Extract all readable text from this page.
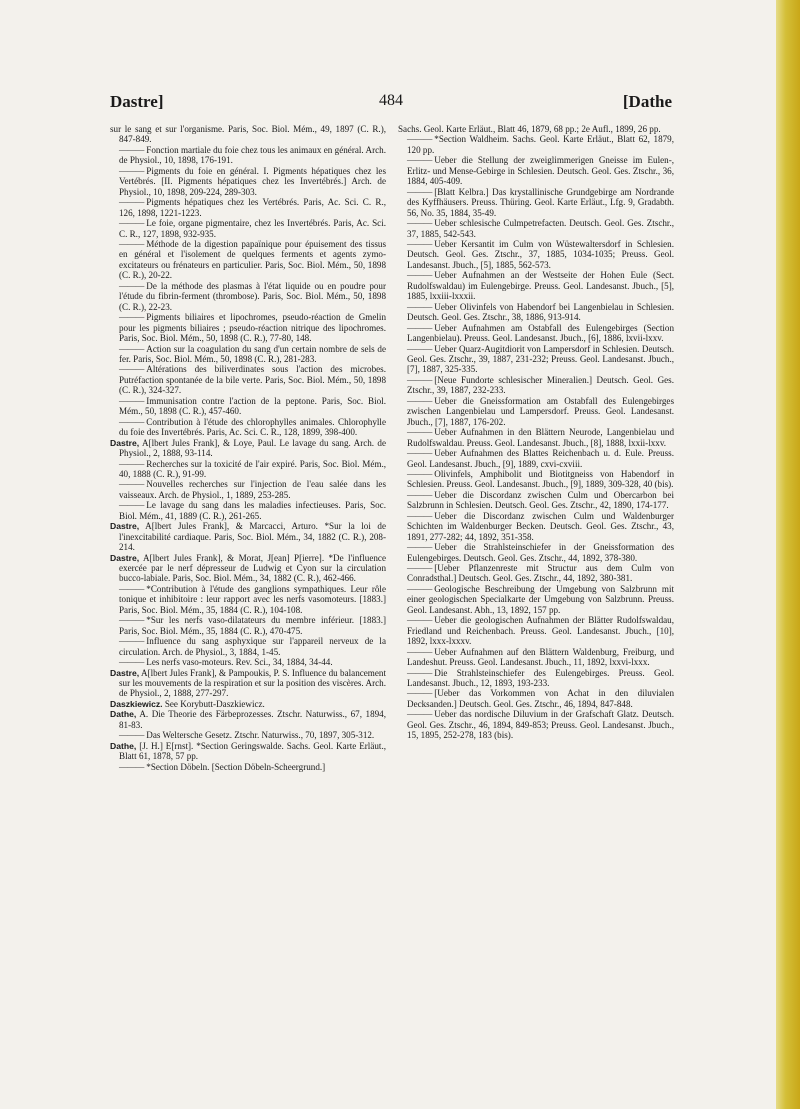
Dastre]	484	[Dathe

sur le sang et sur l'organisme. Paris, Soc. Biol. Mém., 49, 1897 (C. R.), 847-849.

——— Fonction martiale du foie chez tous les animaux en général. Arch. de Physiol., 10, 1898, 176-191.

——— Pigments du foie en général. I. Pigments hépatiques chez les Vertébrés. [II. Pigments hépatiques chez les Invertébrés.] Arch. de Physiol., 10, 1898, 209-224, 289-303.

——— Pigments hépatiques chez les Vertébrés. Paris, Ac. Sci. C. R., 126, 1898, 1221-1223.

——— Le foie, organe pigmentaire, chez les Invertébrés. Paris, Ac. Sci. C. R., 127, 1898, 932-935.

——— Méthode de la digestion papaïnique pour épuisement des tissus en général et l'isolement de quelques ferments et agents zymo-excitateurs ou frénateurs en particulier. Paris, Soc. Biol. Mém., 50, 1898 (C. R.), 20-22.

——— De la méthode des plasmas à l'état liquide ou en poudre pour l'étude du fibrin-ferment (thrombose). Paris, Soc. Biol. Mém., 50, 1898 (C. R.), 22-23.

——— Pigments biliaires et lipochromes, pseudo-réaction de Gmelin pour les pigments biliaires ; pseudo-réaction nitrique des lipochromes. Paris, Soc. Biol. Mém., 50, 1898 (C. R.), 77-80, 148.

——— Action sur la coagulation du sang d'un certain nombre de sels de fer. Paris, Soc. Biol. Mém., 50, 1898 (C. R.), 281-283.

——— Altérations des biliverdinates sous l'action des microbes. Putréfaction spontanée de la bile verte. Paris, Soc. Biol. Mém., 50, 1898 (C. R.), 324-327.

——— Immunisation contre l'action de la peptone. Paris, Soc. Biol. Mém., 50, 1898 (C. R.), 457-460.

——— Contribution à l'étude des chlorophylles animales. Chlorophylle du foie des Invertébrés. Paris, Ac. Sci. C. R., 128, 1899, 398-400.

Dastre, A[lbert Jules Frank], & Loye, Paul. Le lavage du sang. Arch. de Physiol., 2, 1888, 93-114.

——— Recherches sur la toxicité de l'air expiré. Paris, Soc. Biol. Mém., 40, 1888 (C. R.), 91-99.

——— Nouvelles recherches sur l'injection de l'eau salée dans les vaisseaux. Arch. de Physiol., 1, 1889, 253-285.

——— Le lavage du sang dans les maladies infectieuses. Paris, Soc. Biol. Mém., 41, 1889 (C. R.), 261-265.

Dastre, A[lbert Jules Frank], & Marcacci, Arturo. *Sur la loi de l'inexcitabilité cardiaque. Paris, Soc. Biol. Mém., 34, 1882 (C. R.), 208-214.

Dastre, A[lbert Jules Frank], & Morat, J[ean] P[ierre]. *De l'influence exercée par le nerf dépresseur de Ludwig et Cyon sur la circulation bucco-labiale. Paris, Soc. Biol. Mém., 34, 1882 (C. R.), 462-466.

——— *Contribution à l'étude des ganglions sympathiques. Leur rôle tonique et inhibitoire : leur rapport avec les nerfs vasomoteurs. [1883.] Paris, Soc. Biol. Mém., 35, 1884 (C. R.), 104-108.

——— *Sur les nerfs vaso-dilatateurs du membre inférieur. [1883.] Paris, Soc. Biol. Mém., 35, 1884 (C. R.), 470-475.

——— Influence du sang asphyxique sur l'appareil nerveux de la circulation. Arch. de Physiol., 3, 1884, 1-45.

——— Les nerfs vaso-moteurs. Rev. Sci., 34, 1884, 34-44.

Dastre, A[lbert Jules Frank], & Pampoukis, P. S. Influence du balancement sur les mouvements de la respiration et sur la position des viscères. Arch. de Physiol., 2, 1888, 277-297.

Daszkiewicz. See Korybutt-Daszkiewicz.

Dathe, A. Die Theorie des Färbeprozesses. Ztschr. Naturwiss., 67, 1894, 81-83.

——— Das Weltersche Gesetz. Ztschr. Naturwiss., 70, 1897, 305-312.

Dathe, [J. H.] E[rnst]. *Section Geringswalde. Sachs. Geol. Karte Erläut., Blatt 61, 1878, 57 pp.

——— *Section Döbeln. [Section Döbeln-Scheergrund.]

Sachs. Geol. Karte Erläut., Blatt 46, 1879, 68 pp.; 2e Aufl., 1899, 26 pp.

——— *Section Waldheim. Sachs. Geol. Karte Erläut., Blatt 62, 1879, 120 pp.

——— Ueber die Stellung der zweiglimmerigen Gneisse im Eulen-, Erlitz- und Mense-Gebirge in Schlesien. Deutsch. Geol. Ges. Ztschr., 36, 1884, 405-409.

——— [Blatt Kelbra.] Das krystallinische Grundgebirge am Nordrande des Kyffhäusers. Preuss. Thüring. Geol. Karte Erläut., Lfg. 9, Gradabth. 56, No. 35, 1884, 35-49.

——— Ueber schlesische Culmpetrefacten. Deutsch. Geol. Ges. Ztschr., 37, 1885, 542-543.

——— Ueber Kersantit im Culm von Wüstewaltersdorf in Schlesien. Deutsch. Geol. Ges. Ztschr., 37, 1885, 1034-1035; Preuss. Geol. Landesanst. Jbuch., [5], 1885, 562-573.

——— Ueber Aufnahmen an der Westseite der Hohen Eule (Sect. Rudolfswaldau) im Eulengebirge. Preuss. Geol. Landesanst. Jbuch., [5], 1885, lxxiii-lxxxii.

——— Ueber Olivinfels von Habendorf bei Langenbielau in Schlesien. Deutsch. Geol. Ges. Ztschr., 38, 1886, 913-914.

——— Ueber Aufnahmen am Ostabfall des Eulengebirges (Section Langenbielau). Preuss. Geol. Landesanst. Jbuch., [6], 1886, lxvii-lxxv.

——— Ueber Quarz-Augitdiorit von Lampersdorf in Schlesien. Deutsch. Geol. Ges. Ztschr., 39, 1887, 231-232; Preuss. Geol. Landesanst. Jbuch., [7], 1887, 325-335.

——— [Neue Fundorte schlesischer Mineralien.] Deutsch. Geol. Ges. Ztschr., 39, 1887, 232-233.

——— Ueber die Gneissformation am Ostabfall des Eulengebirges zwischen Langenbielau und Lampersdorf. Preuss. Geol. Landesanst. Jbuch., [7], 1887, 176-202.

——— Ueber Aufnahmen in den Blättern Neurode, Langenbielau und Rudolfswaldau. Preuss. Geol. Landesanst. Jbuch., [8], 1888, lxxii-lxxv.

——— Ueber Aufnahmen des Blattes Reichenbach u. d. Eule. Preuss. Geol. Landesanst. Jbuch., [9], 1889, cxvi-cxviii.

——— Olivinfels, Amphibolit und Biotitgneiss von Habendorf in Schlesien. Preuss. Geol. Landesanst. Jbuch., [9], 1889, 309-328, 40 (bis).

——— Ueber die Discordanz zwischen Culm und Obercarbon bei Salzbrunn in Schlesien. Deutsch. Geol. Ges. Ztschr., 42, 1890, 174-177.

——— Ueber die Discordanz zwischen Culm und Waldenburger Schichten im Waldenburger Becken. Deutsch. Geol. Ges. Ztschr., 43, 1891, 277-282; 44, 1892, 351-358.

——— Ueber die Strahlsteinschiefer in der Gneissformation des Eulengebirges. Deutsch. Geol. Ges. Ztschr., 44, 1892, 378-380.

——— [Ueber Pflanzenreste mit Structur aus dem Culm von Conradsthal.] Deutsch. Geol. Ges. Ztschr., 44, 1892, 380-381.

——— Geologische Beschreibung der Umgebung von Salzbrunn mit einer geologischen Specialkarte der Umgebung von Salzbrunn. Preuss. Geol. Landesanst. Abh., 13, 1892, 157 pp.

——— Ueber die geologischen Aufnahmen der Blätter Rudolfswaldau, Friedland und Reichenbach. Preuss. Geol. Landesanst. Jbuch., [10], 1892, lxxx-lxxxv.

——— Ueber Aufnahmen auf den Blättern Waldenburg, Freiburg, und Landeshut. Preuss. Geol. Landesanst. Jbuch., 11, 1892, lxxvi-lxxx.

——— Die Strahlsteinschiefer des Eulengebirges. Preuss. Geol. Landesanst. Jbuch., 12, 1893, 193-233.

——— [Ueber das Vorkommen von Achat in den diluvialen Decksanden.] Deutsch. Geol. Ges. Ztschr., 46, 1894, 847-848.

——— Ueber das nordische Diluvium in der Grafschaft Glatz. Deutsch. Geol. Ges. Ztschr., 46, 1894, 849-853; Preuss. Geol. Landesanst. Jbuch., 15, 1895, 252-278, 183 (bis).
